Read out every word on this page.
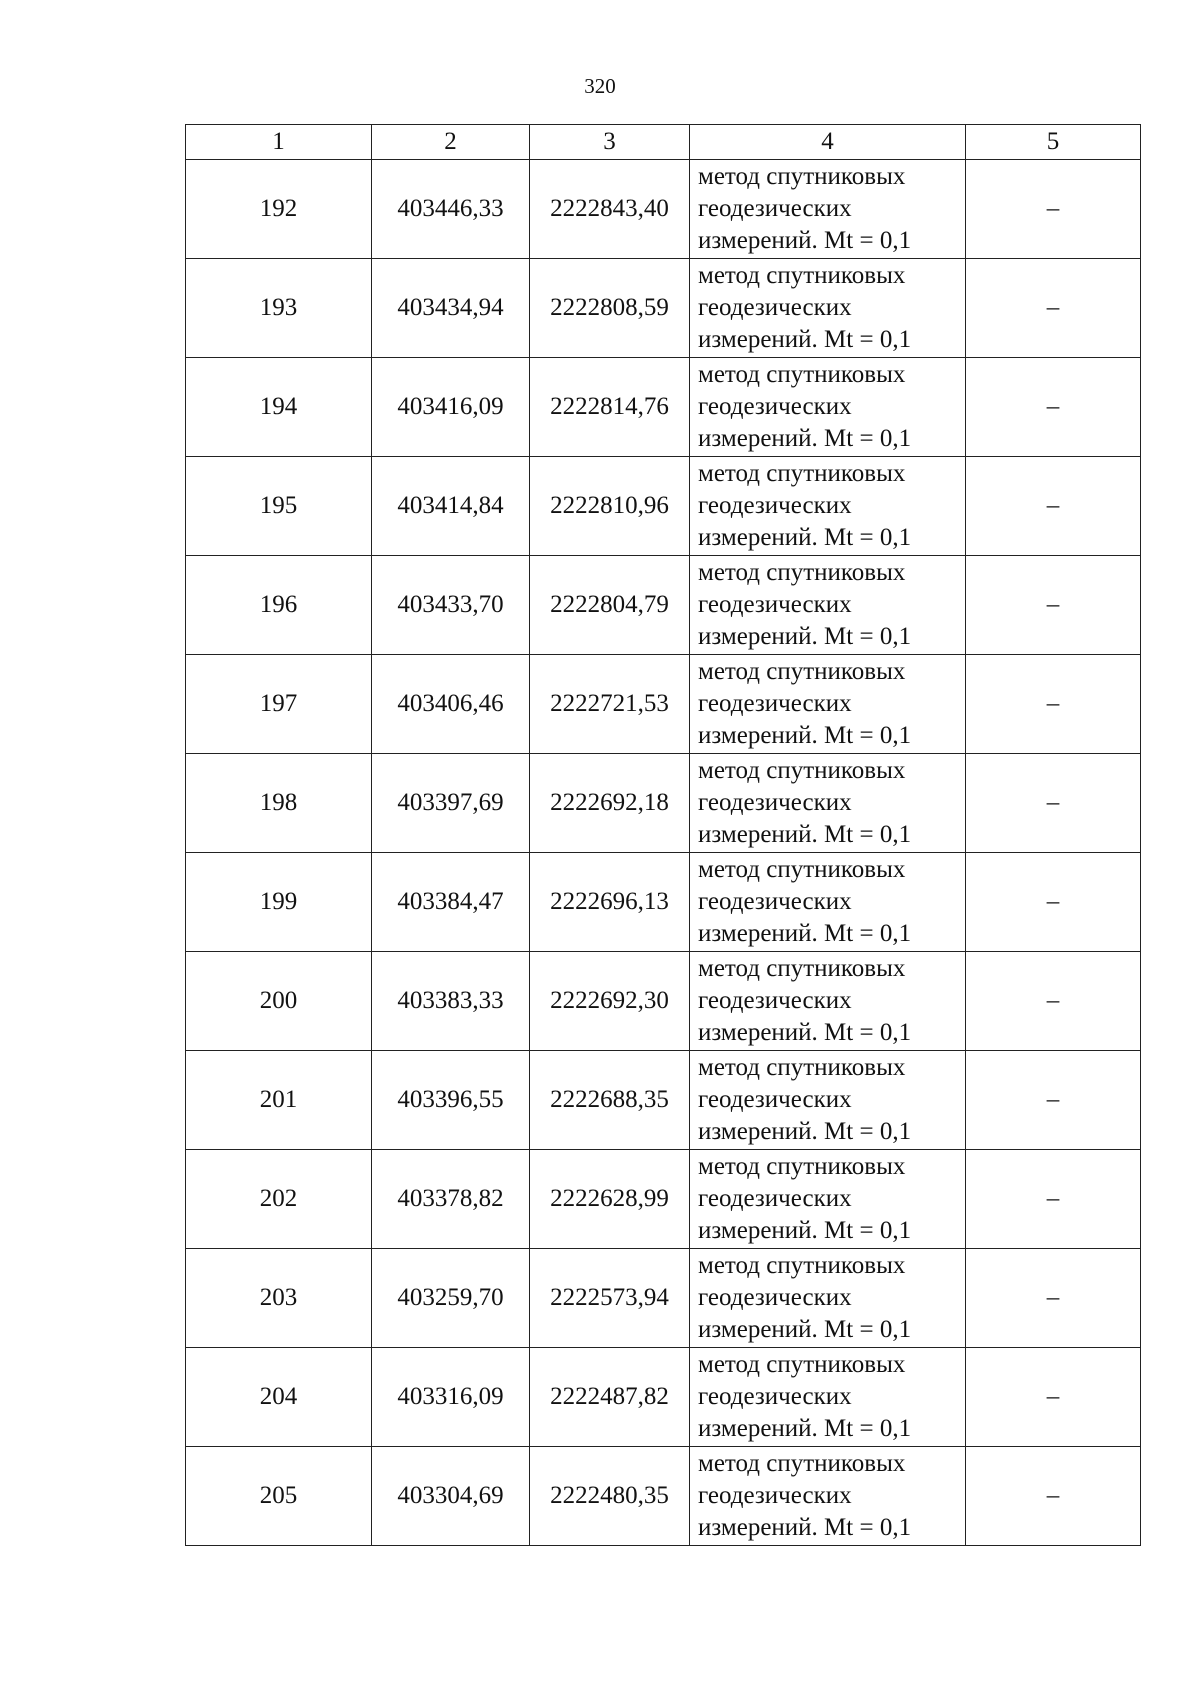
320
1	2	3	4	5
192	403446,33	2222843,40	метод спутниковых
геодезических
измерений. Mt = 0,1	–
193	403434,94	2222808,59	метод спутниковых
геодезических
измерений. Mt = 0,1	–
194	403416,09	2222814,76	метод спутниковых
геодезических
измерений. Mt = 0,1	–
195	403414,84	2222810,96	метод спутниковых
геодезических
измерений. Mt = 0,1	–
196	403433,70	2222804,79	метод спутниковых
геодезических
измерений. Mt = 0,1	–
197	403406,46	2222721,53	метод спутниковых
геодезических
измерений. Mt = 0,1	–
198	403397,69	2222692,18	метод спутниковых
геодезических
измерений. Mt = 0,1	–
199	403384,47	2222696,13	метод спутниковых
геодезических
измерений. Mt = 0,1	–
200	403383,33	2222692,30	метод спутниковых
геодезических
измерений. Mt = 0,1	–
201	403396,55	2222688,35	метод спутниковых
геодезических
измерений. Mt = 0,1	–
202	403378,82	2222628,99	метод спутниковых
геодезических
измерений. Mt = 0,1	–
203	403259,70	2222573,94	метод спутниковых
геодезических
измерений. Mt = 0,1	–
204	403316,09	2222487,82	метод спутниковых
геодезических
измерений. Mt = 0,1	–
205	403304,69	2222480,35	метод спутниковых
геодезических
измерений. Mt = 0,1	–
